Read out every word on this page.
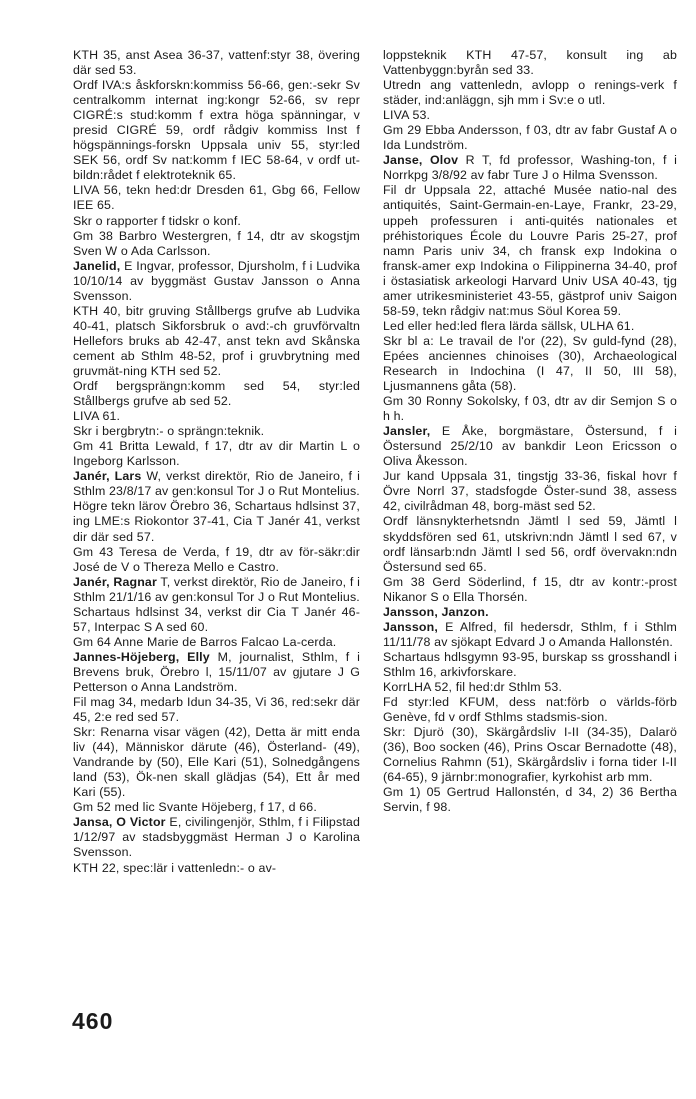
KTH 35, anst Asea 36-37, vattenf:styr 38, övering där sed 53.

Ordf IVA:s åskforskn:kommiss 56-66, gen:-sekr Sv centralkomm internat ing:kongr 52-66, sv repr CIGRÉ:s stud:komm f extra höga spänningar, v presid CIGRÉ 59, ordf rådgiv kommiss Inst f högspännings-forskn Uppsala univ 55, styr:led SEK 56, ordf Sv nat:komm f IEC 58-64, v ordf ut-bildn:rådet f elektroteknik 65.

LIVA 56, tekn hed:dr Dresden 61, Gbg 66, Fellow IEE 65.

Skr o rapporter f tidskr o konf.

Gm 38 Barbro Westergren, f 14, dtr av skogstjm Sven W o Ada Carlsson.

Janelid, E Ingvar, professor, Djursholm, f i Ludvika 10/10/14 av byggmäst Gustav Jansson o Anna Svensson.

KTH 40, bitr gruving Stållbergs grufve ab Ludvika 40-41, platsch Sikforsbruk o avd:-ch gruvförvaltn Hellefors bruks ab 42-47, anst tekn avd Skånska cement ab Sthlm 48-52, prof i gruvbrytning med gruvmät-ning KTH sed 52.

Ordf bergsprängn:komm sed 54, styr:led Stållbergs grufve ab sed 52.

LIVA 61.

Skr i bergbrytn:- o sprängn:teknik.

Gm 41 Britta Lewald, f 17, dtr av dir Martin L o Ingeborg Karlsson.

Janér, Lars W, verkst direktör, Rio de Janeiro, f i Sthlm 23/8/17 av gen:konsul Tor J o Rut Montelius.

Högre tekn lärov Örebro 36, Schartaus hdlsinst 37, ing LME:s Riokontor 37-41, Cia T Janér 41, verkst dir där sed 57.

Gm 43 Teresa de Verda, f 19, dtr av för-säkr:dir José de V o Thereza Mello e Castro.

Janér, Ragnar T, verkst direktör, Rio de Janeiro, f i Sthlm 21/1/16 av gen:konsul Tor J o Rut Montelius.

Schartaus hdlsinst 34, verkst dir Cia T Janér 46-57, Interpac S A sed 60.

Gm 64 Anne Marie de Barros Falcao La-cerda.

Jannes-Höjeberg, Elly M, journalist, Sthlm, f i Brevens bruk, Örebro l, 15/11/07 av gjutare J G Petterson o Anna Landström.

Fil mag 34, medarb Idun 34-35, Vi 36, red:sekr där 45, 2:e red sed 57.

Skr: Renarna visar vägen (42), Detta är mitt enda liv (44), Människor därute (46), Österland- (49), Vandrande by (50), Elle Kari (51), Solnedgångens land (53), Ök-nen skall glädjas (54), Ett år med Kari (55).

Gm 52 med lic Svante Höjeberg, f 17, d 66.

Jansa, O Victor E, civilingenjör, Sthlm, f i Filipstad 1/12/97 av stadsbyggmäst Herman J o Karolina Svensson.

KTH 22, spec:lär i vattenledn:- o av-

loppsteknik KTH 47-57, konsult ing ab Vattenbyggn:byrån sed 33.

Utredn ang vattenledn, avlopp o renings-verk f städer, ind:anläggn, sjh mm i Sv:e o utl.

LIVA 53.

Gm 29 Ebba Andersson, f 03, dtr av fabr Gustaf A o Ida Lundström.

Janse, Olov R T, fd professor, Washing-ton, f i Norrkpg 3/8/92 av fabr Ture J o Hilma Svensson.

Fil dr Uppsala 22, attaché Musée natio-nal des antiquités, Saint-Germain-en-Laye, Frankr, 23-29, uppeh professuren i anti-quités nationales et préhistoriques École du Louvre Paris 25-27, prof namn Paris univ 34, ch fransk exp Indokina o fransk-amer exp Indokina o Filippinerna 34-40, prof i östasiatisk arkeologi Harvard Univ USA 40-43, tjg amer utrikesministeriet 43-55, gästprof univ Saigon 58-59, tekn rådgiv nat:mus Söul Korea 59.

Led eller hed:led flera lärda sällsk, ULHA 61.

Skr bl a: Le travail de l'or (22), Sv guld-fynd (28), Epées anciennes chinoises (30), Archaeological Research in Indochina (I 47, II 50, III 58), Ljusmannens gåta (58).

Gm 30 Ronny Sokolsky, f 03, dtr av dir Semjon S o h h.

Jansler, E Åke, borgmästare, Östersund, f i Östersund 25/2/10 av bankdir Leon Ericsson o Oliva Åkesson.

Jur kand Uppsala 31, tingstjg 33-36, fiskal hovr f Övre Norrl 37, stadsfogde Öster-sund 38, assess 42, civilrådman 48, borg-mäst sed 52.

Ordf länsnykterhetsndn Jämtl l sed 59, Jämtl l skyddsfören sed 61, utskrivn:ndn Jämtl l sed 67, v ordf länsarb:ndn Jämtl l sed 56, ordf övervakn:ndn Östersund sed 65.

Gm 38 Gerd Söderlind, f 15, dtr av kontr:-prost Nikanor S o Ella Thorsén.

Jansson, Janzon.

Jansson, E Alfred, fil hedersdr, Sthlm, f i Sthlm 11/11/78 av sjökapt Edvard J o Amanda Hallonstén.

Schartaus hdlsgymn 93-95, burskap ss grosshandl i Sthlm 16, arkivforskare.

KorrLHA 52, fil hed:dr Sthlm 53.

Fd styr:led KFUM, dess nat:förb o världs-förb Genève, fd v ordf Sthlms stadsmis-sion.

Skr: Djurö (30), Skärgårdsliv I-II (34-35), Dalarö (36), Boo socken (46), Prins Oscar Bernadotte (48), Cornelius Rahmn (51), Skärgårdsliv i forna tider I-II (64-65), 9 järnbr:monografier, kyrkohist arb mm.

Gm 1) 05 Gertrud Hallonstén, d 34, 2) 36 Bertha Servin, f 98.

460
